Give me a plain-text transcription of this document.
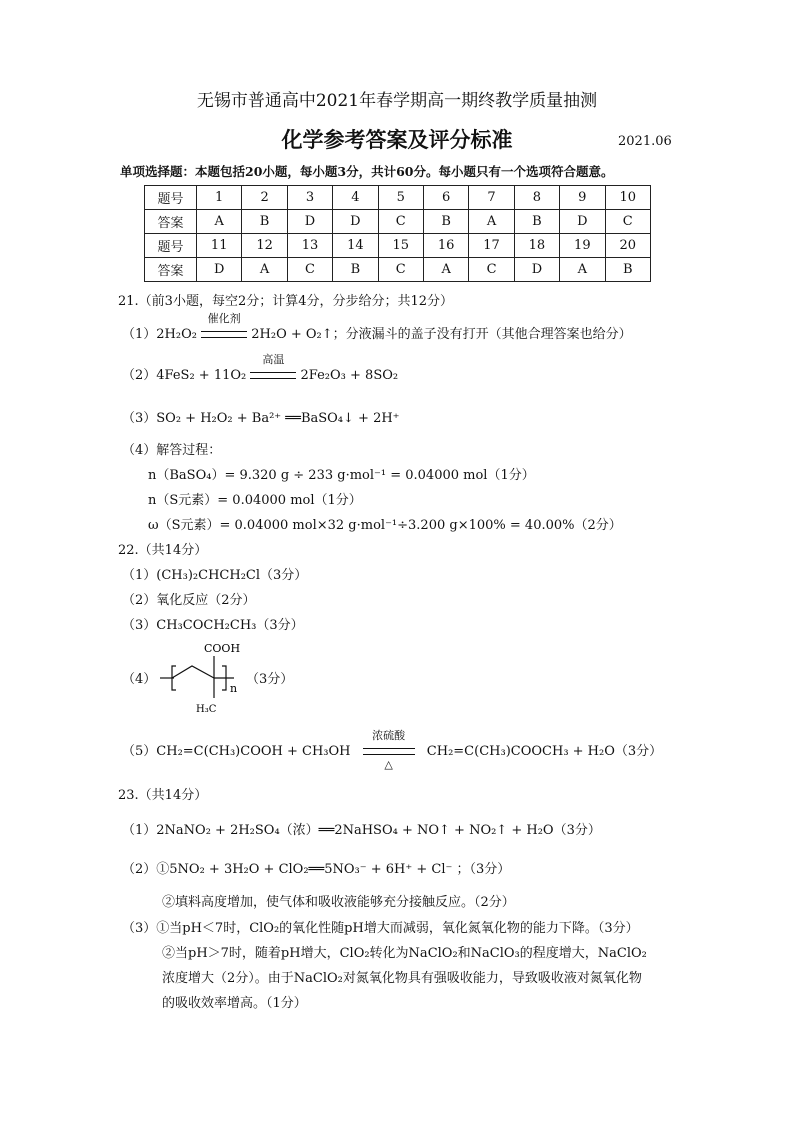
无锡市普通高中2021年春学期高一期终教学质量抽测
化学参考答案及评分标准	2021.06
单项选择题：本题包括20小题，每小题3分，共计60分。每小题只有一个选项符合题意。
题号	1	2	3	4	5	6	7	8	9	10
答案	A	B	D	D	C	B	A	B	D	C
题号	11	12	13	14	15	16	17	18	19	20
答案	D	A	C	B	C	A	C	D	A	B
21.（前3小题，每空2分；计算4分，分步给分；共12分）
（1）2H₂O₂
催化剂
2H₂O + O₂↑；分液漏斗的盖子没有打开（其他合理答案也给分）
（2）4FeS₂ + 11O₂
高温
2Fe₂O₃ + 8SO₂
（3）SO₂ + H₂O₂ + Ba²⁺ ══BaSO₄↓ + 2H⁺
（4）解答过程：
n（BaSO₄）= 9.320 g ÷ 233 g·mol⁻¹ = 0.04000 mol（1分）
n（S元素）= 0.04000 mol（1分）
ω（S元素）= 0.04000 mol×32 g·mol⁻¹÷3.200 g×100% = 40.00%（2分）
22.（共14分）
（1）(CH₃)₂CHCH₂Cl（3分）
（2）氧化反应（2分）
（3）CH₃COCH₂CH₃（3分）
（4）
COOH
n
H₃C
（3分）
（5）CH₂=C(CH₃)COOH + CH₃OH
浓硫酸
△
CH₂=C(CH₃)COOCH₃ + H₂O（3分）
23.（共14分）
（1）2NaNO₂ + 2H₂SO₄（浓）══2NaHSO₄ + NO↑ + NO₂↑ + H₂O（3分）
（2）①5NO₂ + 3H₂O + ClO₂══5NO₃⁻ + 6H⁺ + Cl⁻ ；（3分）
②填料高度增加，使气体和吸收液能够充分接触反应。（2分）
（3）①当pH＜7时，ClO₂的氧化性随pH增大而减弱，氧化氮氧化物的能力下降。（3分）
②当pH＞7时，随着pH增大，ClO₂转化为NaClO₂和NaClO₃的程度增大，NaClO₂
浓度增大（2分）。由于NaClO₂对氮氧化物具有强吸收能力，导致吸收液对氮氧化物
的吸收效率增高。（1分）
